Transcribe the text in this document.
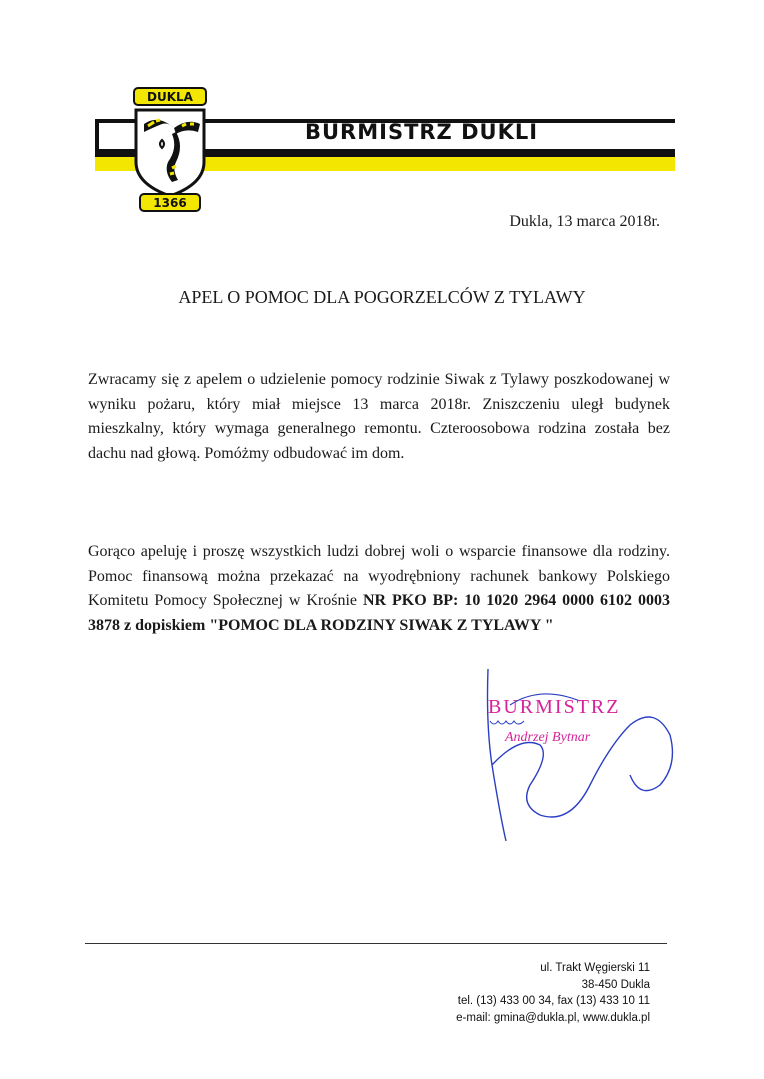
BURMISTRZ DUKLI
DUKLA
1366
Dukla, 13 marca 2018r.
APEL O POMOC DLA POGORZELCÓW Z TYLAWY
Zwracamy się z apelem o udzielenie pomocy rodzinie Siwak z Tylawy poszkodowanej w wyniku pożaru, który miał miejsce 13 marca 2018r. Zniszczeniu uległ budynek mieszkalny, który wymaga generalnego remontu. Czteroosobowa rodzina została bez dachu nad głową. Pomóżmy odbudować im dom.
Gorąco apeluję i proszę wszystkich ludzi dobrej woli o wsparcie finansowe dla rodziny. Pomoc finansową można przekazać na wyodrębniony rachunek bankowy Polskiego Komitetu Pomocy Społecznej w Krośnie NR PKO BP: 10 1020 2964 0000 6102 0003 3878 z dopiskiem "POMOC DLA RODZINY SIWAK Z TYLAWY "
BURMISTRZ
Andrzej Bytnar
ul. Trakt Węgierski 11
38-450 Dukla
tel. (13) 433 00 34, fax (13) 433 10 11
e-mail: gmina@dukla.pl, www.dukla.pl
